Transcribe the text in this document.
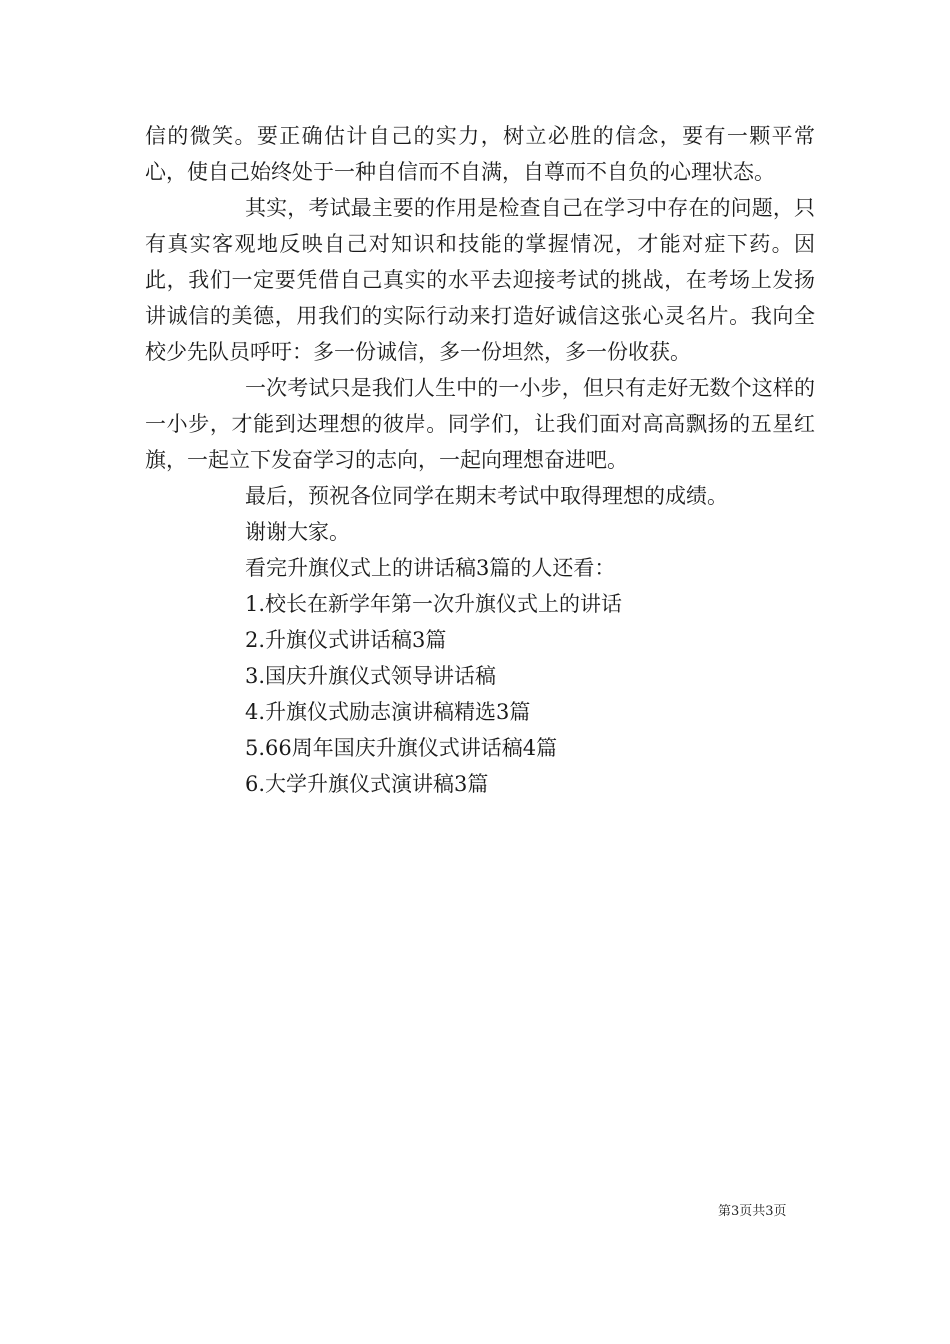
信的微笑。要正确估计自己的实力，树立必胜的信念，要有一颗平常心，使自己始终处于一种自信而不自满，自尊而不自负的心理状态。

其实，考试最主要的作用是检查自己在学习中存在的问题，只有真实客观地反映自己对知识和技能的掌握情况，才能对症下药。因此，我们一定要凭借自己真实的水平去迎接考试的挑战，在考场上发扬讲诚信的美德，用我们的实际行动来打造好诚信这张心灵名片。我向全校少先队员呼吁：多一份诚信，多一份坦然，多一份收获。

一次考试只是我们人生中的一小步，但只有走好无数个这样的一小步，才能到达理想的彼岸。同学们，让我们面对高高飘扬的五星红旗，一起立下发奋学习的志向，一起向理想奋进吧。

最后，预祝各位同学在期末考试中取得理想的成绩。

谢谢大家。

看完升旗仪式上的讲话稿3篇的人还看：

1.校长在新学年第一次升旗仪式上的讲话
2.升旗仪式讲话稿3篇
3.国庆升旗仪式领导讲话稿
4.升旗仪式励志演讲稿精选3篇
5.66周年国庆升旗仪式讲话稿4篇
6.大学升旗仪式演讲稿3篇
第3页共3页
